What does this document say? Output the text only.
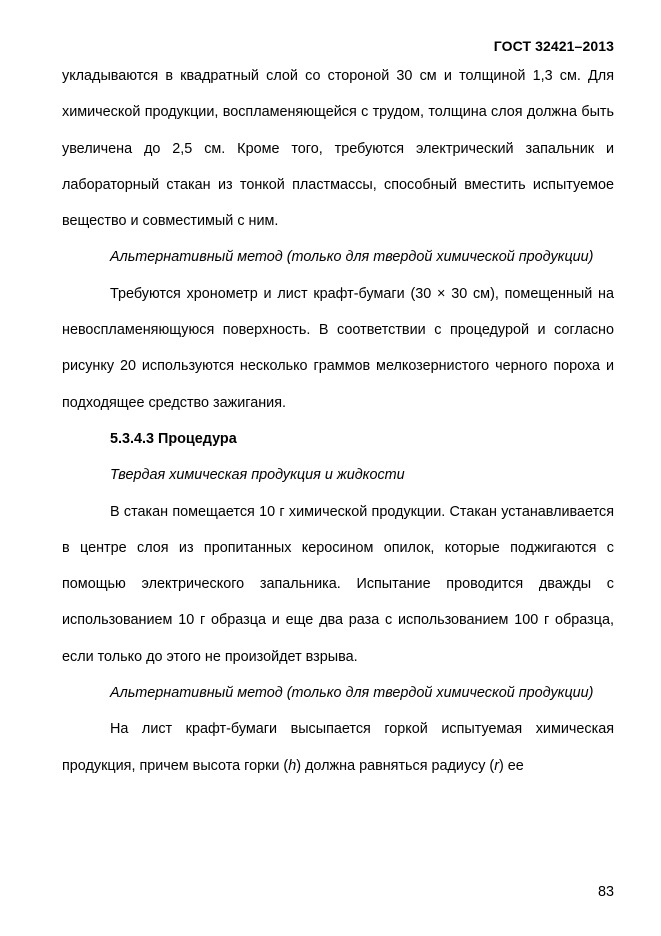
ГОСТ 32421–2013

укладываются в квадратный слой со стороной 30 см и толщиной 1,3 см. Для химической продукции, воспламеняющейся с трудом, толщина слоя должна быть увеличена до 2,5 см. Кроме того, требуются электрический запальник и лабораторный стакан из тонкой пластмассы, способный вместить испытуемое вещество и совместимый с ним.

Альтернативный метод (только для твердой химической продукции)

Требуются хронометр и лист крафт-бумаги (30 × 30 см), помещенный на невоспламеняющуюся поверхность. В соответствии с процедурой и согласно рисунку 20 используются несколько граммов мелкозернистого черного пороха и подходящее средство зажигания.

5.3.4.3 Процедура

Твердая химическая продукция и жидкости

В стакан помещается 10 г химической продукции. Стакан устанавливается в центре слоя из пропитанных керосином опилок, которые поджигаются с помощью электрического запальника. Испытание проводится дважды с использованием 10 г образца и еще два раза с использованием 100 г образца, если только до этого не произойдет взрыва.

Альтернативный метод (только для твердой химической продукции)

На лист крафт-бумаги высыпается горкой испытуемая химическая продукция, причем высота горки (h) должна равняться радиусу (r) ее

83
